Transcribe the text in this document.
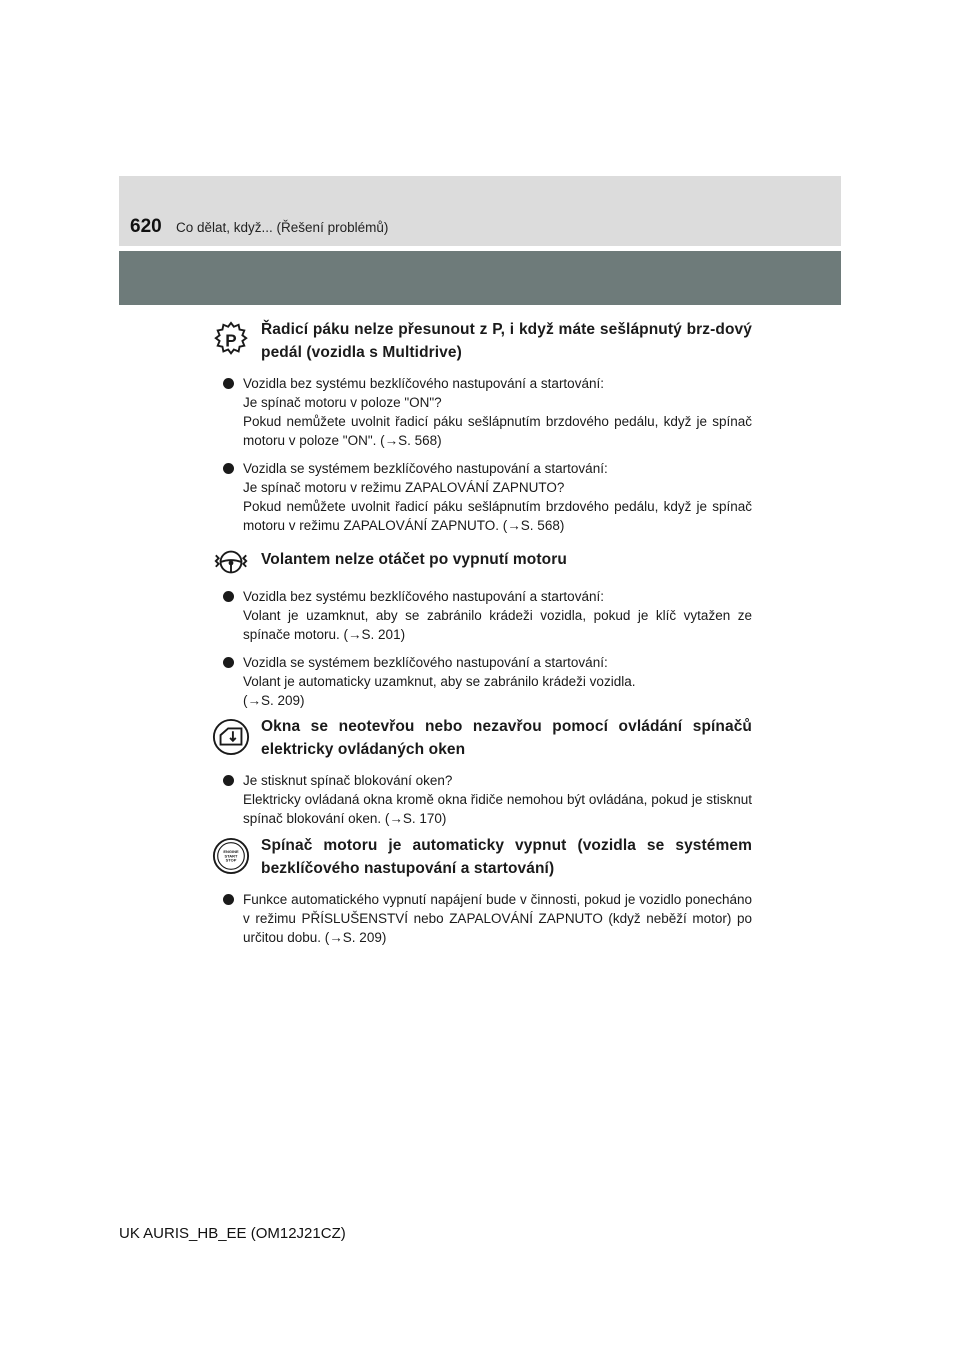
620 Co dělat, když... (Řešení problémů)
P
Řadicí páku nelze přesunout z P, i když máte sešlápnutý brz-dový pedál (vozidla s Multidrive)
Vozidla bez systému bezklíčového nastupování a startování:
Je spínač motoru v poloze "ON"?
Pokud nemůžete uvolnit řadicí páku sešlápnutím brzdového pedálu, když je spínač motoru v poloze "ON". (→S. 568)
Vozidla se systémem bezklíčového nastupování a startování:
Je spínač motoru v režimu ZAPALOVÁNÍ ZAPNUTO?
Pokud nemůžete uvolnit řadicí páku sešlápnutím brzdového pedálu, když je spínač motoru v režimu ZAPALOVÁNÍ ZAPNUTO. (→S. 568)
Volantem nelze otáčet po vypnutí motoru
Vozidla bez systému bezklíčového nastupování a startování:
Volant je uzamknut, aby se zabránilo krádeži vozidla, pokud je klíč vytažen ze spínače motoru. (→S. 201)
Vozidla se systémem bezklíčového nastupování a startování:
Volant je automaticky uzamknut, aby se zabránilo krádeži vozidla.
(→S. 209)
Okna se neotevřou nebo nezavřou pomocí ovládání spínačů elektricky ovládaných oken
Je stisknut spínač blokování oken?
Elektricky ovládaná okna kromě okna řidiče nemohou být ovládána, pokud je stisknut spínač blokování oken. (→S. 170)
ENGINE
START
STOP
Spínač motoru je automaticky vypnut (vozidla se systémem bezklíčového nastupování a startování)
Funkce automatického vypnutí napájení bude v činnosti, pokud je vozidlo ponecháno v režimu PŘÍSLUŠENSTVÍ nebo ZAPALOVÁNÍ ZAPNUTO (když neběží motor) po určitou dobu. (→S. 209)
UK AURIS_HB_EE (OM12J21CZ)
